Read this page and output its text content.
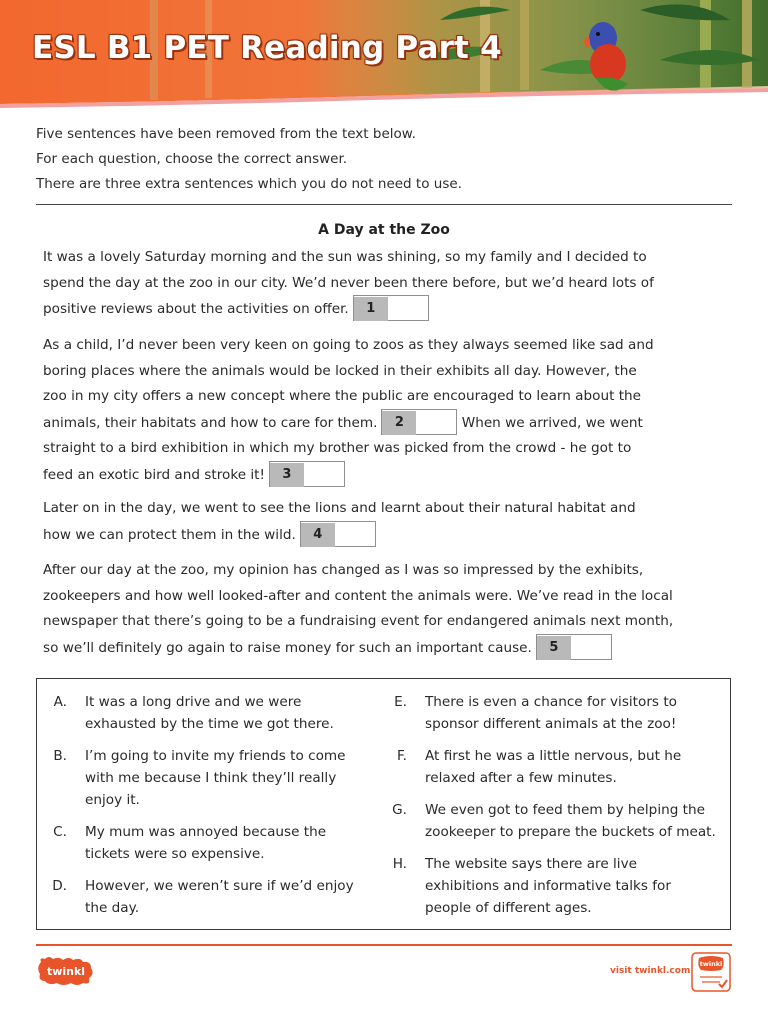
ESL B1 PET Reading Part 4

Five sentences have been removed from the text below.

For each question, choose the correct answer.

There are three extra sentences which you do not need to use.

A Day at the Zoo
It was a lovely Saturday morning and the sun was shining, so my family and I decided to
spend the day at the zoo in our city. We’d never been there before, but we’d heard lots of
positive reviews about the activities on offer. 1
As a child, I’d never been very keen on going to zoos as they always seemed like sad and
boring places where the animals would be locked in their exhibits all day. However, the
zoo in my city offers a new concept where the public are encouraged to learn about the
animals, their habitats and how to care for them. 2	When we arrived, we went
straight to a bird exhibition in which my brother was picked from the crowd - he got to
feed an exotic bird and stroke it! 3
Later on in the day, we went to see the lions and learnt about their natural habitat and
how we can protect them in the wild. 4
After our day at the zoo, my opinion has changed as I was so impressed by the exhibits,
zookeepers and how well looked-after and content the animals were. We’ve read in the local
newspaper that there’s going to be a fundraising event for endangered animals next month,
so we’ll definitely go again to raise money for such an important cause. 5
A. It was a long drive and we were
exhausted by the time we got there.
B. I’m going to invite my friends to come
with me because I think they’ll really
enjoy it.
C. My mum was annoyed because the
tickets were so expensive.
D. However, we weren’t sure if we’d enjoy
the day.
E. There is even a chance for visitors to
sponsor different animals at the zoo!
F. At first he was a little nervous, but he
relaxed after a few minutes.
G. We even got to feed them by helping the
zookeeper to prepare the buckets of meat.
H. The website says there are live
exhibitions and informative talks for
people of different ages.
twinkl	visit twinkl.com
twinkl
